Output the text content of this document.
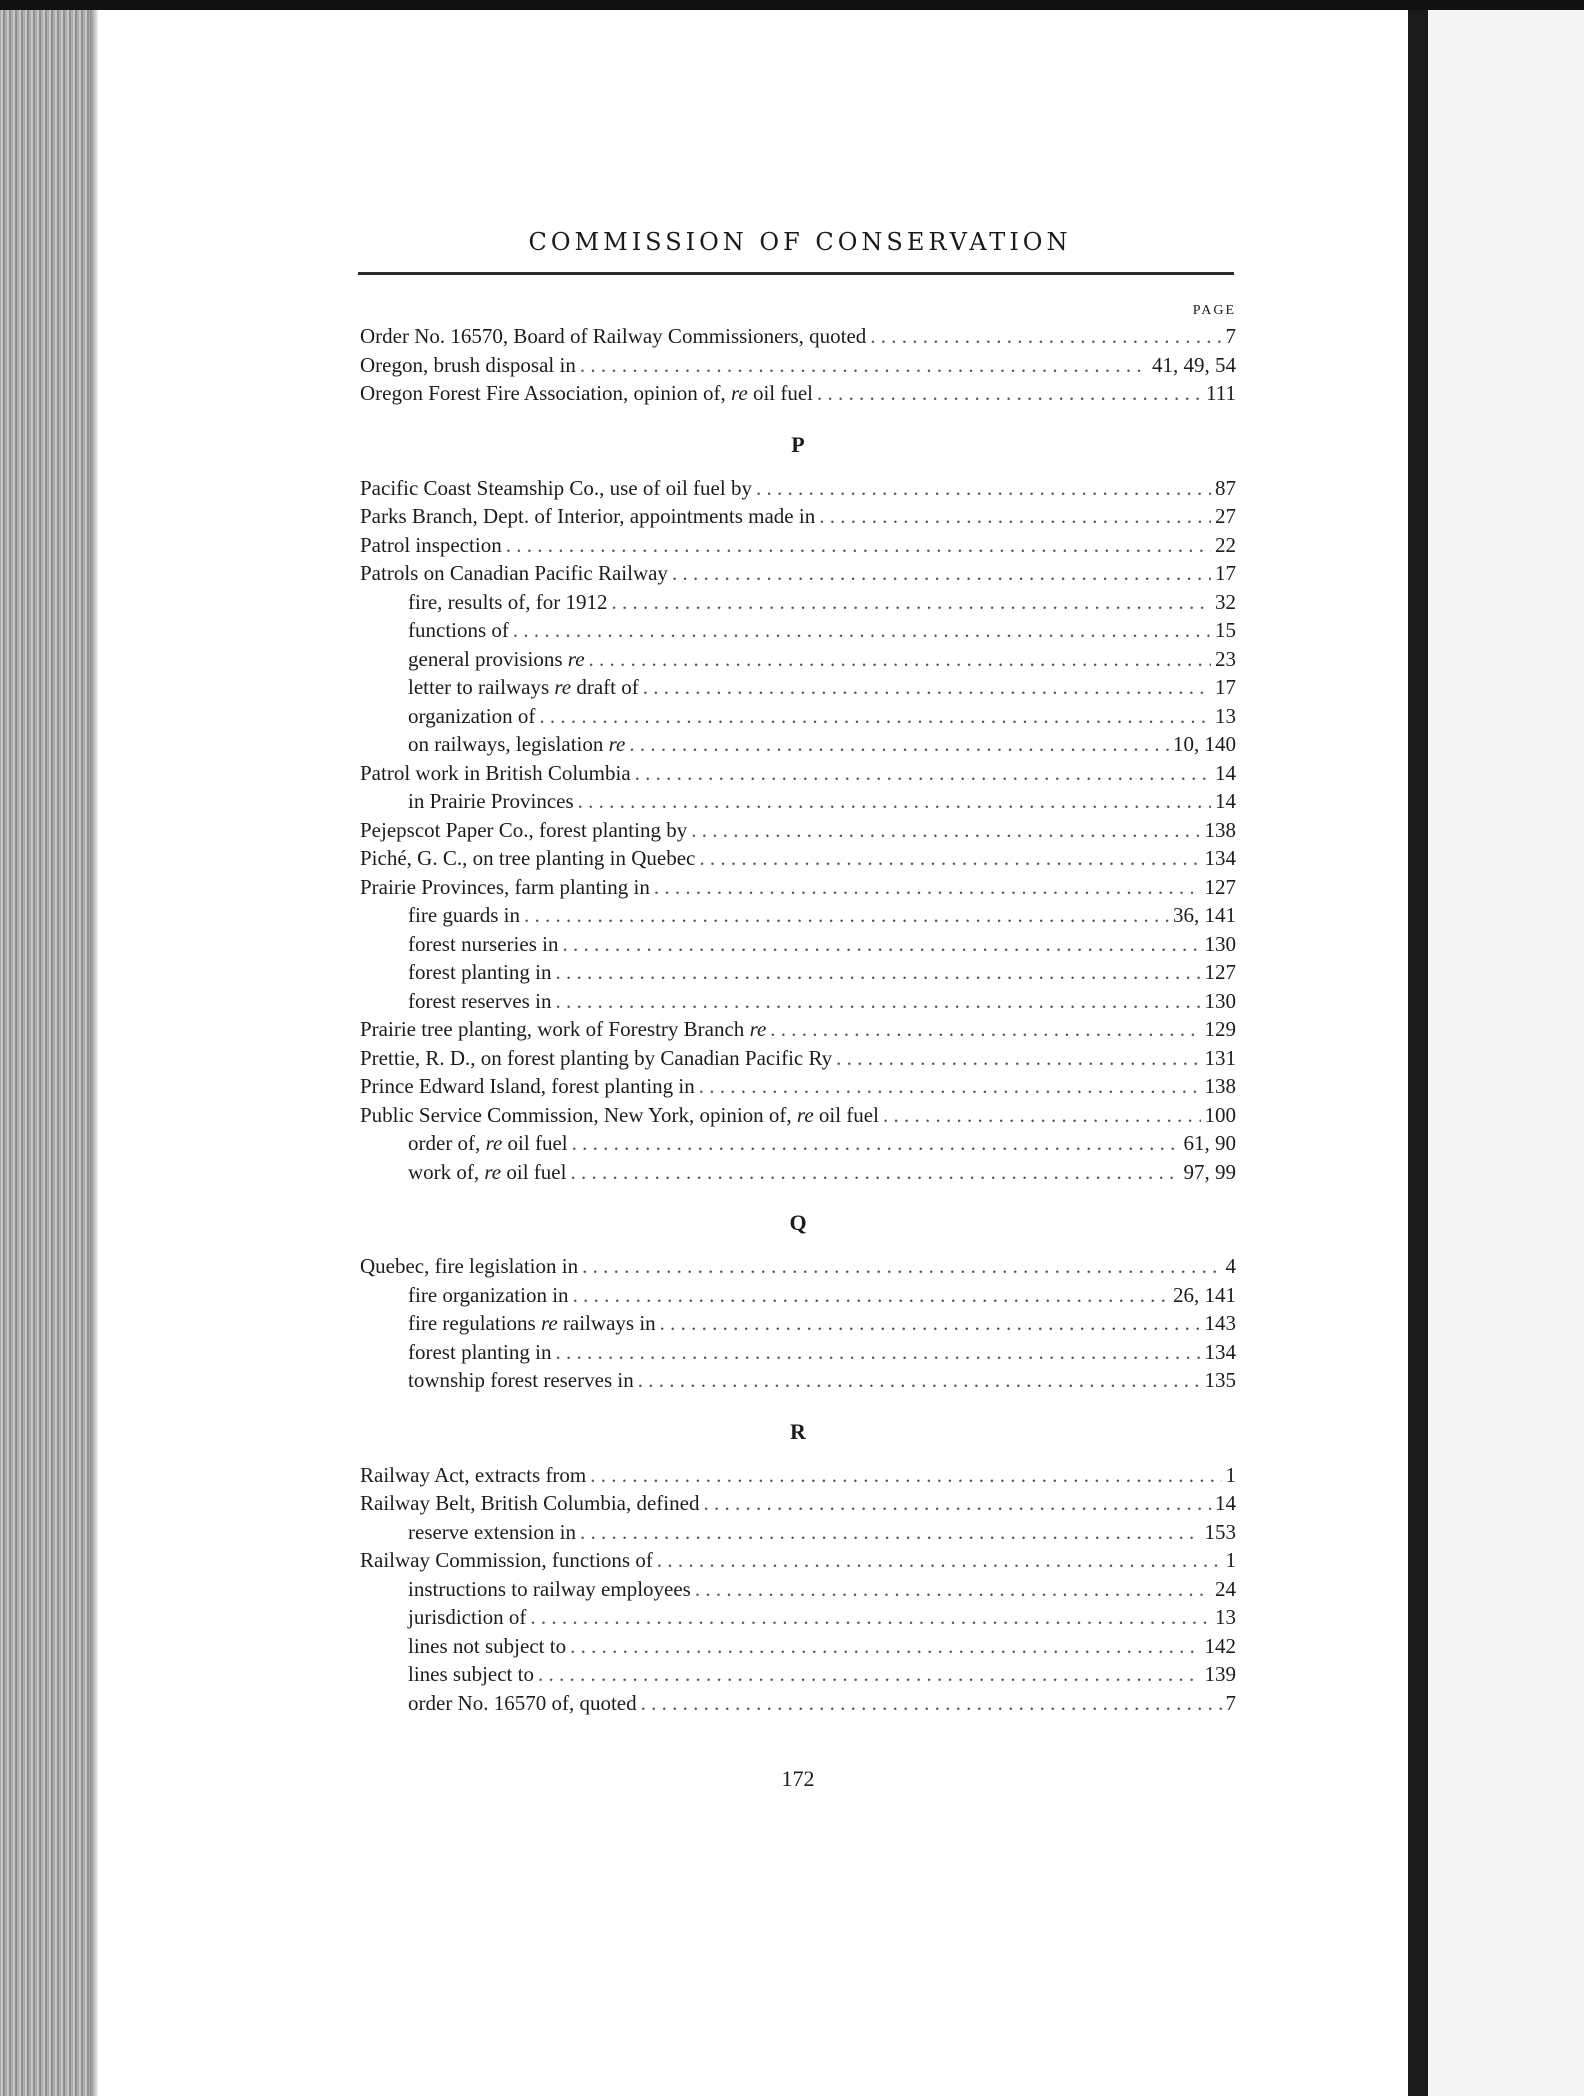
COMMISSION OF CONSERVATION
PAGE
Order No. 16570, Board of Railway Commissioners, quoted . . .	7
Oregon, brush disposal in . . .	41, 49, 54
Oregon Forest Fire Association, opinion of, re oil fuel . . .	111
P
Pacific Coast Steamship Co., use of oil fuel by . . .	87
Parks Branch, Dept. of Interior, appointments made in . . .	27
Patrol inspection . . .	22
Patrols on Canadian Pacific Railway . . .	17
fire, results of, for 1912 . . .	32
functions of . . .	15
general provisions re . . .	23
letter to railways re draft of . . .	17
organization of . . .	13
on railways, legislation re . . .	10, 140
Patrol work in British Columbia . . .	14
in Prairie Provinces . . .	14
Pejepscot Paper Co., forest planting by . . .	138
Piché, G. C., on tree planting in Quebec . . .	134
Prairie Provinces, farm planting in . . .	127
fire guards in . . .	36, 141
forest nurseries in . . .	130
forest planting in . . .	127
forest reserves in . . .	130
Prairie tree planting, work of Forestry Branch re . . .	129
Prettie, R. D., on forest planting by Canadian Pacific Ry . . .	131
Prince Edward Island, forest planting in . . .	138
Public Service Commission, New York, opinion of, re oil fuel . . .	100
order of, re oil fuel . . .	61, 90
work of, re oil fuel . . .	97, 99
Q
Quebec, fire legislation in . . .	4
fire organization in . . .	26, 141
fire regulations re railways in . . .	143
forest planting in . . .	134
township forest reserves in . . .	135
R
Railway Act, extracts from . . .	1
Railway Belt, British Columbia, defined . . .	14
reserve extension in . . .	153
Railway Commission, functions of . . .	1
instructions to railway employees . . .	24
jurisdiction of . . .	13
lines not subject to . . .	142
lines subject to . . .	139
order No. 16570 of, quoted . . .	7
172
